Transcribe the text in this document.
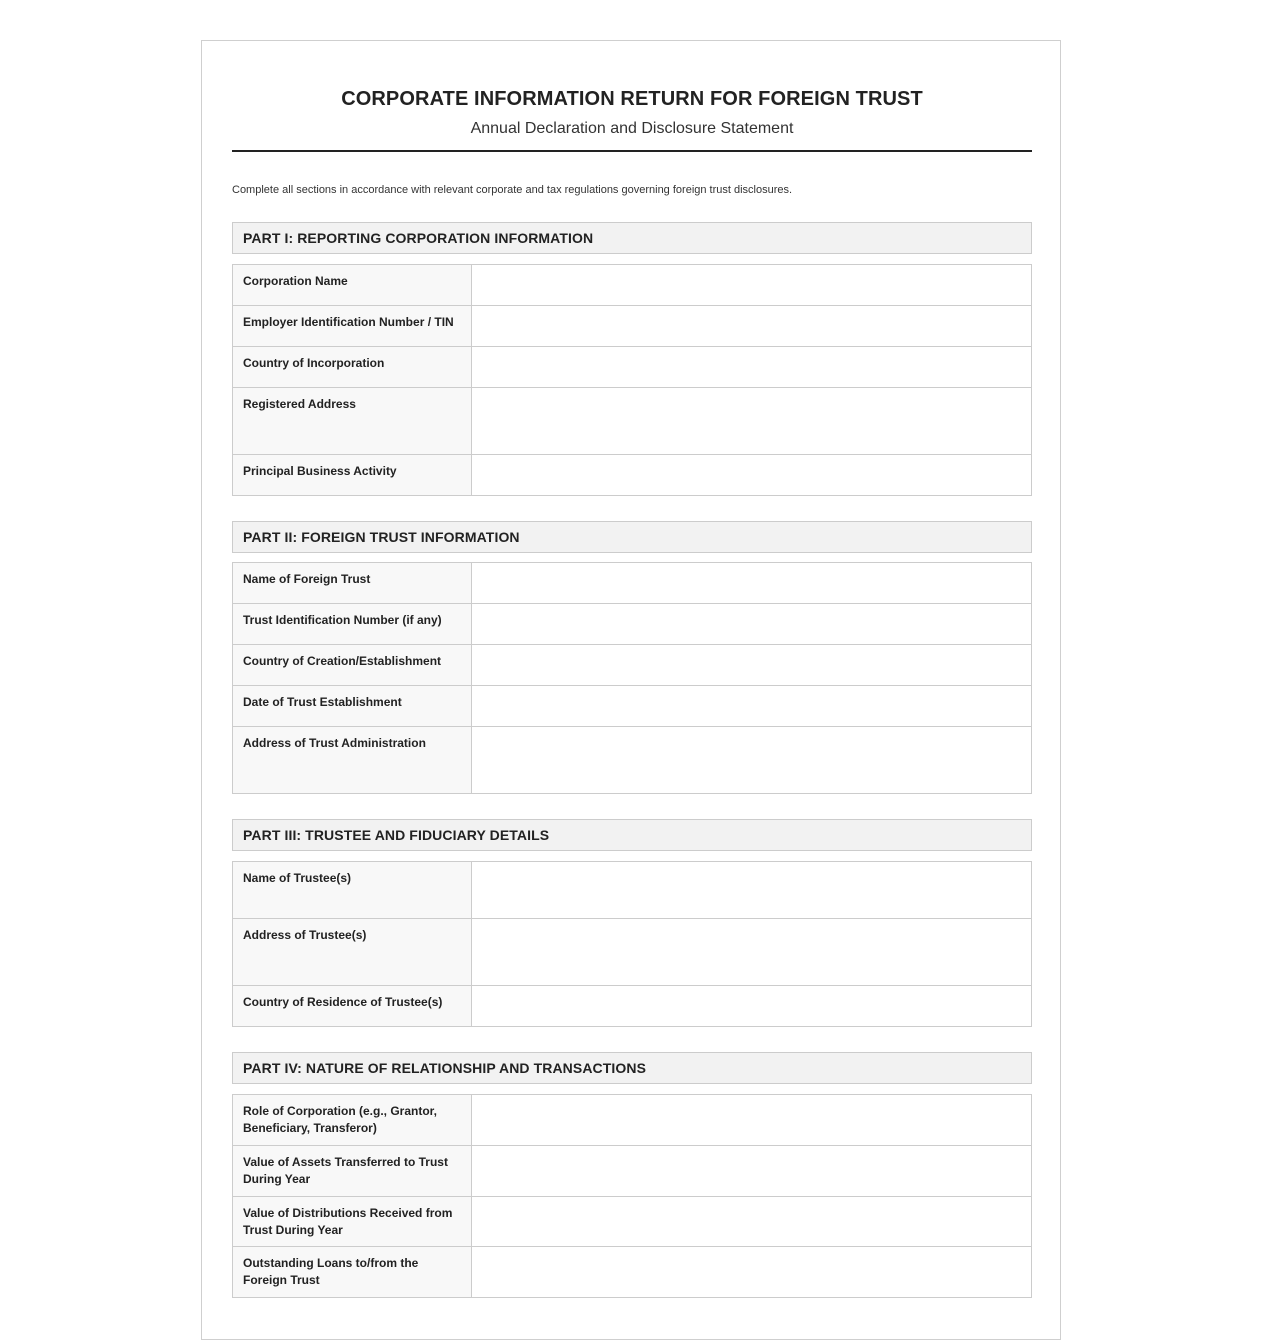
CORPORATE INFORMATION RETURN FOR FOREIGN TRUST
Annual Declaration and Disclosure Statement
Complete all sections in accordance with relevant corporate and tax regulations governing foreign trust disclosures.
PART I: REPORTING CORPORATION INFORMATION
Corporation Name	

Employer Identification Number / TIN	

Country of Incorporation	

Registered Address	

Principal Business Activity	

PART II: FOREIGN TRUST INFORMATION
Name of Foreign Trust	

Trust Identification Number (if any)	

Country of Creation/Establishment	

Date of Trust Establishment	

Address of Trust Administration	

PART III: TRUSTEE AND FIDUCIARY DETAILS
Name of Trustee(s)	

Address of Trustee(s)	

Country of Residence of Trustee(s)	

PART IV: NATURE OF RELATIONSHIP AND TRANSACTIONS
Role of Corporation (e.g., Grantor, Beneficiary, Transferor)	

Value of Assets Transferred to Trust During Year	

Value of Distributions Received from Trust During Year	

Outstanding Loans to/from the Foreign Trust	
